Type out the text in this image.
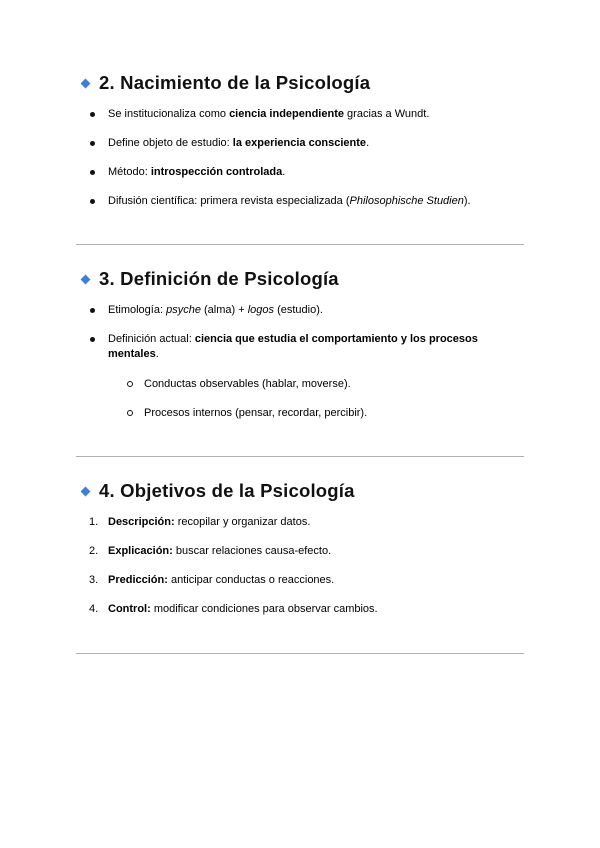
2. Nacimiento de la Psicología
Se institucionaliza como ciencia independiente gracias a Wundt.
Define objeto de estudio: la experiencia consciente.
Método: introspección controlada.
Difusión científica: primera revista especializada (Philosophische Studien).
3. Definición de Psicología
Etimología: psyche (alma) + logos (estudio).
Definición actual: ciencia que estudia el comportamiento y los procesos mentales.
Conductas observables (hablar, moverse).
Procesos internos (pensar, recordar, percibir).
4. Objetivos de la Psicología
1. Descripción: recopilar y organizar datos.
2. Explicación: buscar relaciones causa-efecto.
3. Predicción: anticipar conductas o reacciones.
4. Control: modificar condiciones para observar cambios.
